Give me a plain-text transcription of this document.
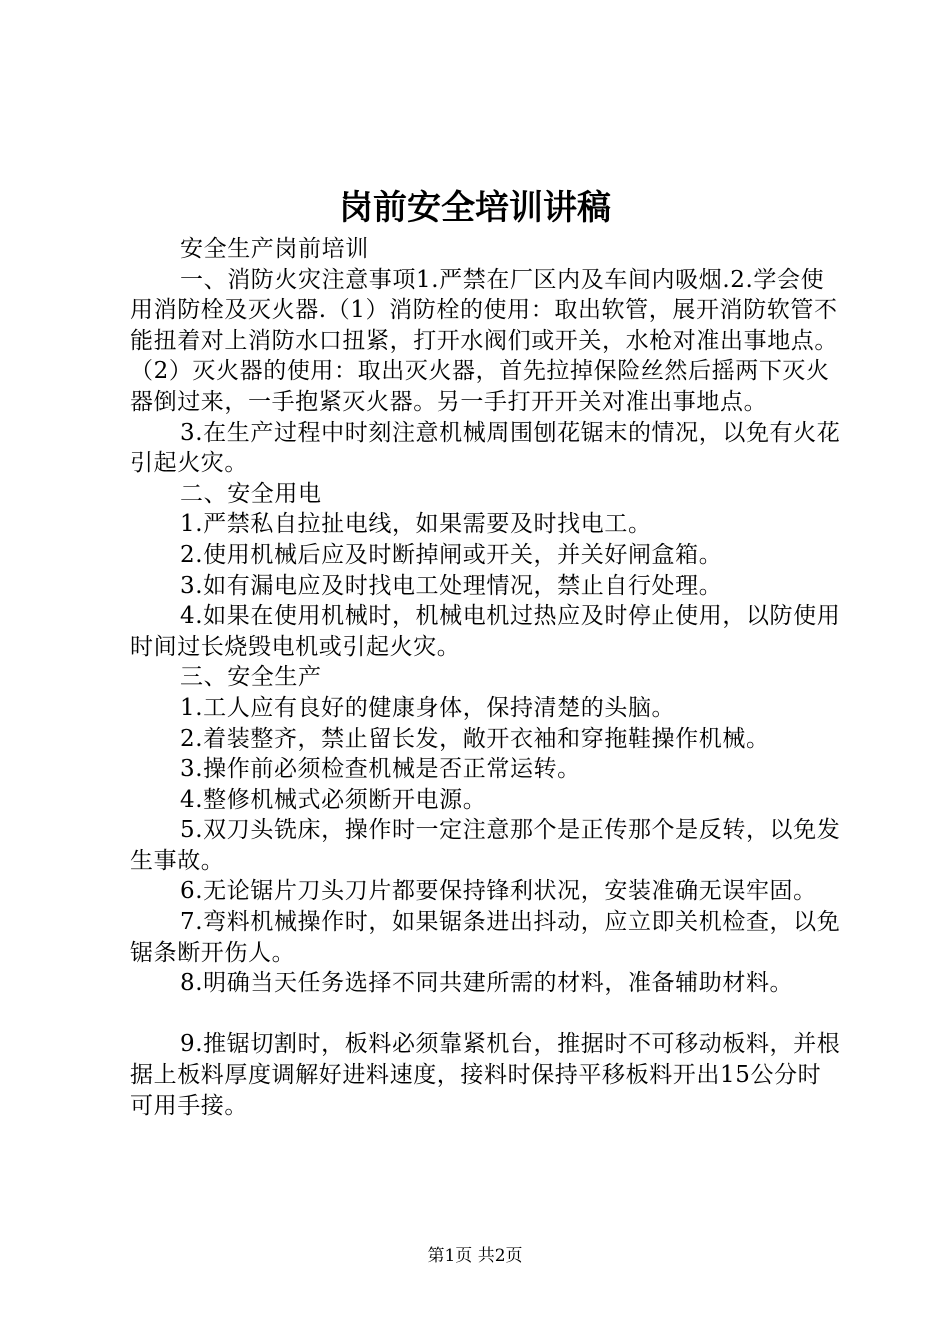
岗前安全培训讲稿

安全生产岗前培训

一、消防火灾注意事项1.严禁在厂区内及车间内吸烟.2.学会使用消防栓及灭火器.（1）消防栓的使用：取出软管，展开消防软管不能扭着对上消防水口扭紧，打开水阀们或开关，水枪对准出事地点。（2）灭火器的使用：取出灭火器，首先拉掉保险丝然后摇两下灭火器倒过来，一手抱紧灭火器。另一手打开开关对准出事地点。

3.在生产过程中时刻注意机械周围刨花锯末的情况，以免有火花引起火灾。

二、安全用电

1.严禁私自拉扯电线，如果需要及时找电工。

2.使用机械后应及时断掉闸或开关，并关好闸盒箱。

3.如有漏电应及时找电工处理情况，禁止自行处理。

4.如果在使用机械时，机械电机过热应及时停止使用，以防使用时间过长烧毁电机或引起火灾。

三、安全生产

1.工人应有良好的健康身体，保持清楚的头脑。

2.着装整齐，禁止留长发，敞开衣袖和穿拖鞋操作机械。

3.操作前必须检查机械是否正常运转。

4.整修机械式必须断开电源。

5.双刀头铣床，操作时一定注意那个是正传那个是反转，以免发生事故。

6.无论锯片刀头刀片都要保持锋利状况，安装准确无误牢固。

7.弯料机械操作时，如果锯条进出抖动，应立即关机检查，以免锯条断开伤人。

8.明确当天任务选择不同共建所需的材料，准备辅助材料。

9.推锯切割时，板料必须靠紧机台，推据时不可移动板料，并根据上板料厚度调解好进料速度，接料时保持平移板料开出15公分时可用手接。

第1页 共2页
